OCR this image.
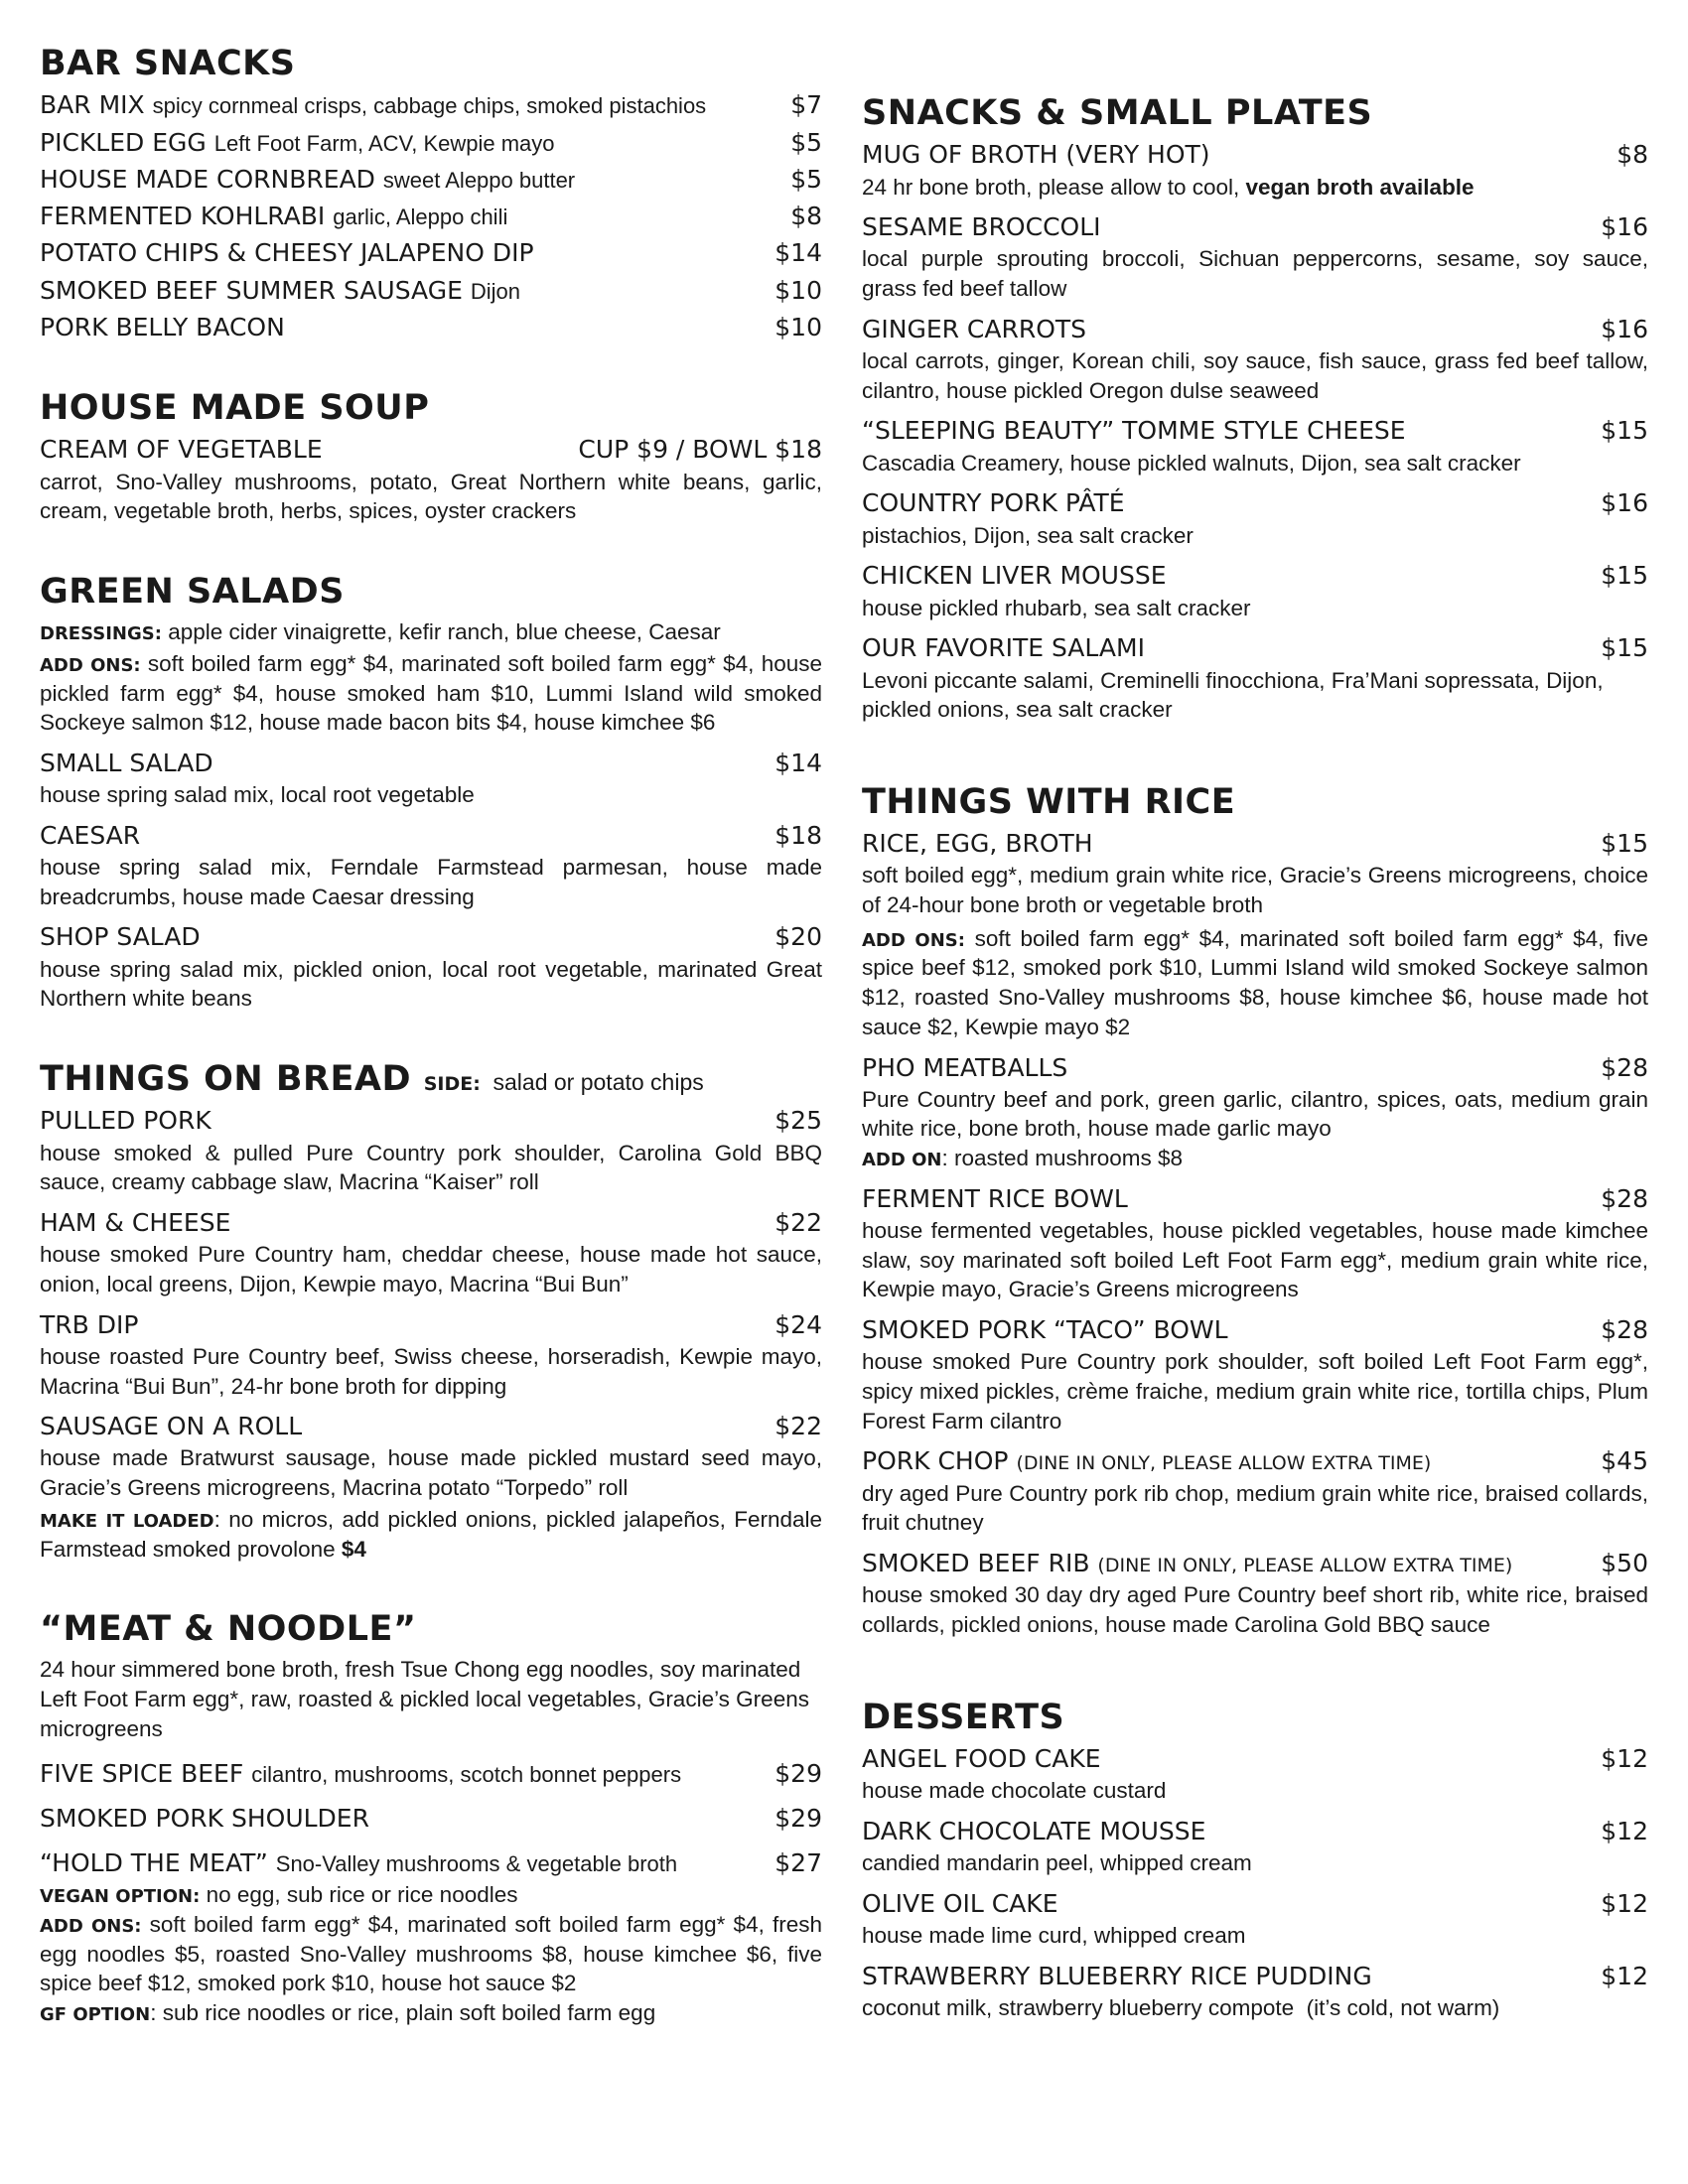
BAR SNACKS
BAR MIX spicy cornmeal crisps, cabbage chips, smoked pistachios	$7
PICKLED EGG Left Foot Farm, ACV, Kewpie mayo	$5
HOUSE MADE CORNBREAD sweet Aleppo butter	$5
FERMENTED KOHLRABI garlic, Aleppo chili	$8
POTATO CHIPS & CHEESY JALAPENO DIP	$14
SMOKED BEEF SUMMER SAUSAGE Dijon	$10
PORK BELLY BACON	$10
HOUSE MADE SOUP
CREAM OF VEGETABLE	CUP $9 / BOWL $18
carrot, Sno-Valley mushrooms, potato, Great Northern white beans, garlic, cream, vegetable broth, herbs, spices, oyster crackers
GREEN SALADS
DRESSINGS: apple cider vinaigrette, kefir ranch, blue cheese, Caesar
ADD ONS: soft boiled farm egg* $4, marinated soft boiled farm egg* $4, house pickled farm egg* $4, house smoked ham $10, Lummi Island wild smoked Sockeye salmon $12, house made bacon bits $4, house kimchee $6
SMALL SALAD	$14
house spring salad mix, local root vegetable
CAESAR	$18
house spring salad mix, Ferndale Farmstead parmesan, house made breadcrumbs, house made Caesar dressing
SHOP SALAD	$20
house spring salad mix, pickled onion, local root vegetable, marinated Great Northern white beans
THINGS ON BREAD SIDE: salad or potato chips
PULLED PORK	$25
house smoked & pulled Pure Country pork shoulder, Carolina Gold BBQ sauce, creamy cabbage slaw, Macrina “Kaiser” roll
HAM & CHEESE	$22
house smoked Pure Country ham, cheddar cheese, house made hot sauce, onion, local greens, Dijon, Kewpie mayo, Macrina “Bui Bun”
TRB DIP	$24
house roasted Pure Country beef, Swiss cheese, horseradish, Kewpie mayo, Macrina “Bui Bun”, 24-hr bone broth for dipping
SAUSAGE ON A ROLL	$22
house made Bratwurst sausage, house made pickled mustard seed mayo, Gracie’s Greens microgreens, Macrina potato “Torpedo” roll
MAKE IT LOADED: no micros, add pickled onions, pickled jalapeños, Ferndale Farmstead smoked provolone $4
“MEAT & NOODLE”
24 hour simmered bone broth, fresh Tsue Chong egg noodles, soy marinated Left Foot Farm egg*, raw, roasted & pickled local vegetables, Gracie’s Greens microgreens
FIVE SPICE BEEF cilantro, mushrooms, scotch bonnet peppers	$29
SMOKED PORK SHOULDER	$29
“HOLD THE MEAT” Sno-Valley mushrooms & vegetable broth	$27
VEGAN OPTION: no egg, sub rice or rice noodles
ADD ONS: soft boiled farm egg* $4, marinated soft boiled farm egg* $4, fresh egg noodles $5, roasted Sno-Valley mushrooms $8, house kimchee $6, five spice beef $12, smoked pork $10, house hot sauce $2
GF OPTION: sub rice noodles or rice, plain soft boiled farm egg
SNACKS & SMALL PLATES
MUG OF BROTH (VERY HOT)	$8
24 hr bone broth, please allow to cool, vegan broth available
SESAME BROCCOLI	$16
local purple sprouting broccoli, Sichuan peppercorns, sesame, soy sauce, grass fed beef tallow
GINGER CARROTS	$16
local carrots, ginger, Korean chili, soy sauce, fish sauce, grass fed beef tallow, cilantro, house pickled Oregon dulse seaweed
“SLEEPING BEAUTY” TOMME STYLE CHEESE	$15
Cascadia Creamery, house pickled walnuts, Dijon, sea salt cracker
COUNTRY PORK PÂTÉ	$16
pistachios, Dijon, sea salt cracker
CHICKEN LIVER MOUSSE	$15
house pickled rhubarb, sea salt cracker
OUR FAVORITE SALAMI	$15
Levoni piccante salami, Creminelli finocchiona, Fra’Mani sopressata, Dijon, pickled onions, sea salt cracker
THINGS WITH RICE
RICE, EGG, BROTH	$15
soft boiled egg*, medium grain white rice, Gracie’s Greens microgreens, choice of 24-hour bone broth or vegetable broth
ADD ONS: soft boiled farm egg* $4, marinated soft boiled farm egg* $4, five spice beef $12, smoked pork $10, Lummi Island wild smoked Sockeye salmon $12, roasted Sno-Valley mushrooms $8, house kimchee $6, house made hot sauce $2, Kewpie mayo $2
PHO MEATBALLS	$28
Pure Country beef and pork, green garlic, cilantro, spices, oats, medium grain white rice, bone broth, house made garlic mayo
ADD ON: roasted mushrooms $8
FERMENT RICE BOWL	$28
house fermented vegetables, house pickled vegetables, house made kimchee slaw, soy marinated soft boiled Left Foot Farm egg*, medium grain white rice, Kewpie mayo, Gracie’s Greens microgreens
SMOKED PORK “TACO” BOWL	$28
house smoked Pure Country pork shoulder, soft boiled Left Foot Farm egg*, spicy mixed pickles, crème fraiche, medium grain white rice, tortilla chips, Plum Forest Farm cilantro
PORK CHOP (DINE IN ONLY, PLEASE ALLOW EXTRA TIME)	$45
dry aged Pure Country pork rib chop, medium grain white rice, braised collards, fruit chutney
SMOKED BEEF RIB (DINE IN ONLY, PLEASE ALLOW EXTRA TIME)	$50
house smoked 30 day dry aged Pure Country beef short rib, white rice, braised collards, pickled onions, house made Carolina Gold BBQ sauce
DESSERTS
ANGEL FOOD CAKE	$12
house made chocolate custard
DARK CHOCOLATE MOUSSE	$12
candied mandarin peel, whipped cream
OLIVE OIL CAKE	$12
house made lime curd, whipped cream
STRAWBERRY BLUEBERRY RICE PUDDING	$12
coconut milk, strawberry blueberry compote  (it’s cold, not warm)
